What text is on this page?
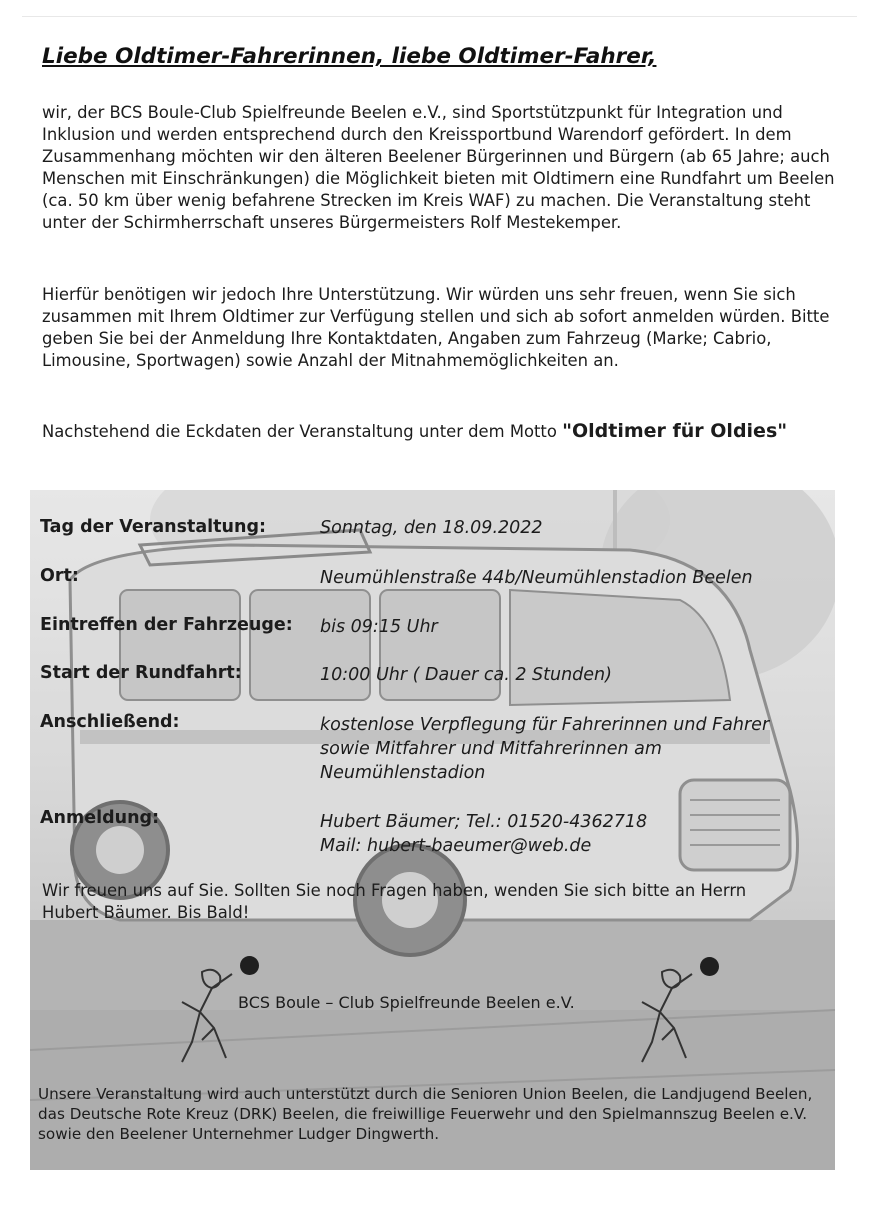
Liebe Oldtimer-Fahrerinnen, liebe Oldtimer-Fahrer,
wir, der BCS Boule-Club Spielfreunde Beelen e.V., sind Sportstützpunkt für Integration und Inklusion und werden entsprechend durch den Kreissportbund Warendorf gefördert. In dem Zusammenhang möchten wir den älteren Beelener Bürgerinnen und Bürgern (ab 65 Jahre; auch Menschen mit Einschränkungen) die Möglichkeit bieten mit Oldtimern eine Rundfahrt um Beelen (ca. 50 km über wenig befahrene Strecken im Kreis WAF) zu machen. Die Veranstaltung steht unter der Schirmherrschaft unseres Bürgermeisters Rolf Mestekemper.
Hierfür benötigen wir jedoch Ihre Unterstützung. Wir würden uns sehr freuen, wenn Sie sich zusammen mit Ihrem Oldtimer zur Verfügung stellen und sich ab sofort anmelden würden. Bitte geben Sie bei der Anmeldung Ihre Kontaktdaten, Angaben zum Fahrzeug (Marke; Cabrio, Limousine, Sportwagen) sowie Anzahl der Mitnahmemöglichkeiten an.
Nachstehend die Eckdaten der Veranstaltung unter dem Motto "Oldtimer für Oldies"
Tag der Veranstaltung:	Sonntag, den 18.09.2022
Ort:	Neumühlenstraße 44b/Neumühlenstadion Beelen
Eintreffen der Fahrzeuge: bis 09:15 Uhr
Start der Rundfahrt:	10:00 Uhr ( Dauer ca. 2 Stunden)
Anschließend:	kostenlose Verpflegung für Fahrerinnen und Fahrer sowie Mitfahrer und Mitfahrerinnen am Neumühlenstadion
Anmeldung:	Hubert Bäumer; Tel.: 01520-4362718
Mail: hubert-baeumer@web.de
Wir freuen uns auf Sie. Sollten Sie noch Fragen haben, wenden Sie sich bitte an Herrn Hubert Bäumer. Bis Bald!
BCS Boule – Club Spielfreunde Beelen e.V.
Unsere Veranstaltung wird auch unterstützt durch die Senioren Union Beelen, die Landjugend Beelen, das Deutsche Rote Kreuz (DRK) Beelen, die freiwillige Feuerwehr und den Spielmannszug Beelen e.V. sowie den Beelener Unternehmer Ludger Dingwerth.
